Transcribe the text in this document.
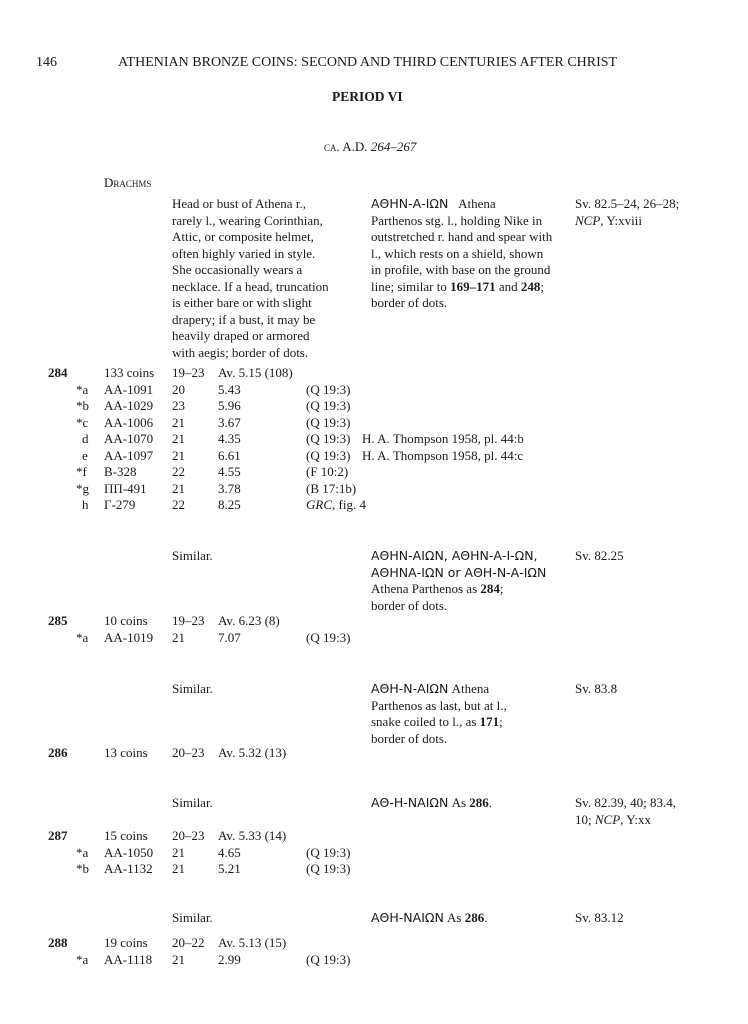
146	ATHENIAN BRONZE COINS: SECOND AND THIRD CENTURIES AFTER CHRIST
PERIOD VI
ca. A.D. 264–267
Drachms
Head or bust of Athena r.,
rarely l., wearing Corinthian,
Attic, or composite helmet,
often highly varied in style.
She occasionally wears a
necklace. If a head, truncation
is either bare or with slight
drapery; if a bust, it may be
heavily draped or armored
with aegis; border of dots.
ΑΘΗΝ-Α-ΙΩΝ Athena
Parthenos stg. l., holding Nike in
outstretched r. hand and spear with
l., which rests on a shield, shown
in profile, with base on the ground
line; similar to 169–171 and 248;
border of dots.
Sv. 82.5–24, 26–28;
NCP, Y:xviii
284	133 coins 19–23 Av. 5.15 (108)
*a AA-1091 20	5.43	(Q 19:3)
*b AA-1029 23	5.96	(Q 19:3)
*c AA-1006 21	3.67	(Q 19:3)
d AA-1070 21	4.35	(Q 19:3) H. A. Thompson 1958, pl. 44:b
e AA-1097 21	6.61	(Q 19:3) H. A. Thompson 1958, pl. 44:c
*f B-328	22	4.55	(F 10:2)
*g ΠΠ-491 21	3.78	(B 17:1b)
h Γ-279	22	8.25	GRC, fig. 4
Similar.	ΑΘΗΝ-ΑΙΩΝ, ΑΘΗΝ-Α-Ι-ΩΝ,
ΑΘΗΝΑ-ΙΩΝ or ΑΘΗ-Ν-Α-ΙΩΝ
Athena Parthenos as 284;
border of dots.
Sv. 82.25
285	10 coins 19–23 Av. 6.23 (8)
*a AA-1019 21	7.07	(Q 19:3)
Similar.	ΑΘΗ-Ν-ΑΙΩΝ Athena
Parthenos as last, but at l.,
snake coiled to l., as 171;
border of dots.
Sv. 83.8
286	13 coins 20–23 Av. 5.32 (13)
Similar.	ΑΘ-Η-ΝΑΙΩΝ As 286.	Sv. 82.39, 40; 83.4,
10; NCP, Y:xx
287	15 coins 20–23 Av. 5.33 (14)
*a AA-1050 21	4.65	(Q 19:3)
*b AA-1132 21	5.21	(Q 19:3)
Similar.	ΑΘΗ-ΝΑΙΩΝ As 286.	Sv. 83.12
288	19 coins 20–22 Av. 5.13 (15)
*a AA-1118 21	2.99	(Q 19:3)
